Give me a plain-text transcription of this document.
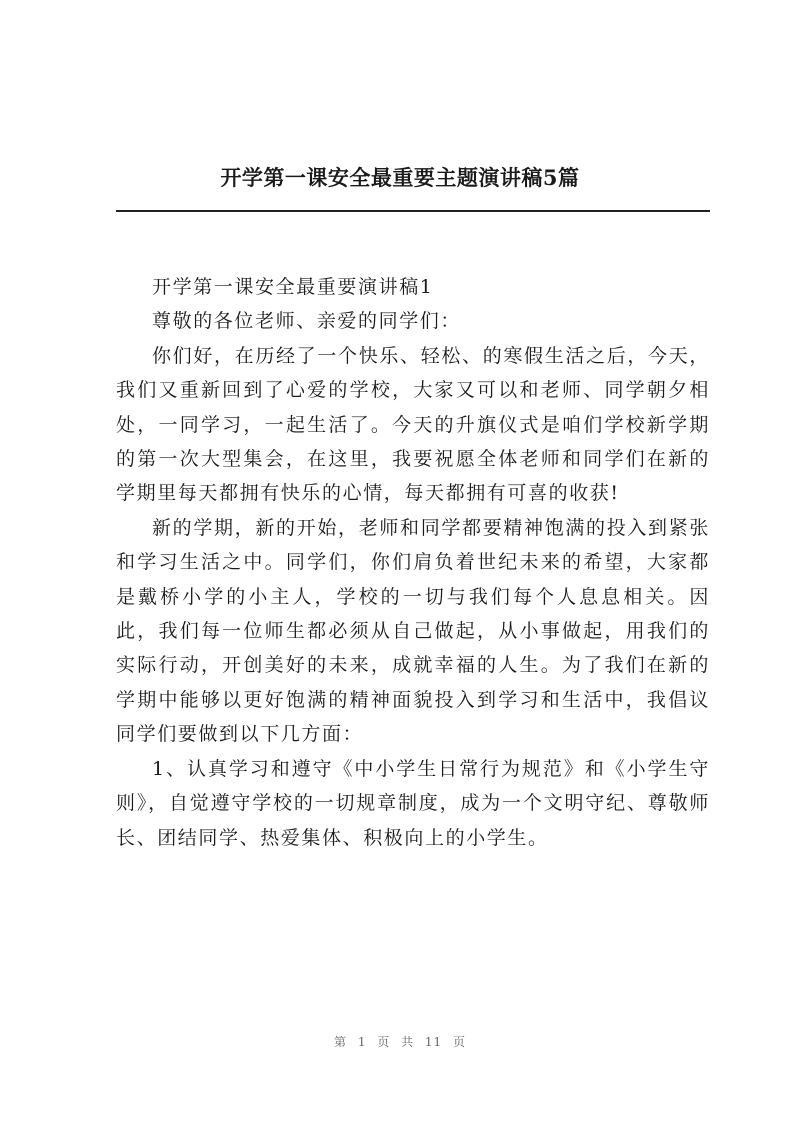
开学第一课安全最重要主题演讲稿5篇

开学第一课安全最重要演讲稿1

尊敬的各位老师、亲爱的同学们：

你们好，在历经了一个快乐、轻松、的寒假生活之后，今天，我们又重新回到了心爱的学校，大家又可以和老师、同学朝夕相处，一同学习，一起生活了。今天的升旗仪式是咱们学校新学期的第一次大型集会，在这里，我要祝愿全体老师和同学们在新的学期里每天都拥有快乐的心情，每天都拥有可喜的收获!

新的学期，新的开始，老师和同学都要精神饱满的投入到紧张和学习生活之中。同学们，你们肩负着世纪未来的希望，大家都是戴桥小学的小主人，学校的一切与我们每个人息息相关。因此，我们每一位师生都必须从自己做起，从小事做起，用我们的实际行动，开创美好的未来，成就幸福的人生。为了我们在新的学期中能够以更好饱满的精神面貌投入到学习和生活中，我倡议同学们要做到以下几方面：

1、认真学习和遵守《中小学生日常行为规范》和《小学生守则》，自觉遵守学校的一切规章制度，成为一个文明守纪、尊敬师长、团结同学、热爱集体、积极向上的小学生。

第 1 页 共 11 页
